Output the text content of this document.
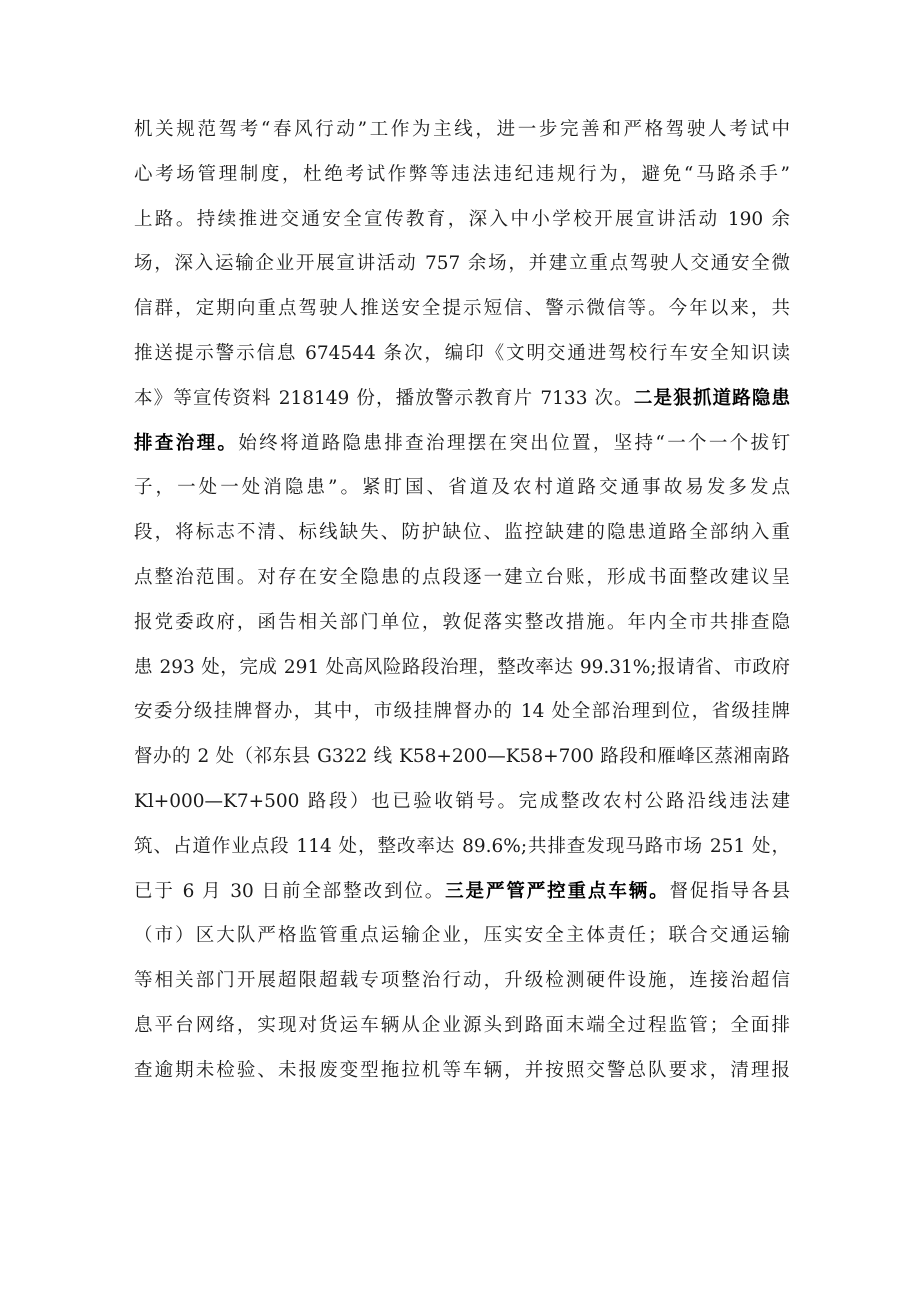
机关规范驾考“春风行动”工作为主线，进一步完善和严格驾驶人考试中
心考场管理制度，杜绝考试作弊等违法违纪违规行为，避免“马路杀手”
上路。持续推进交通安全宣传教育，深入中小学校开展宣讲活动 190 余
场，深入运输企业开展宣讲活动 757 余场，并建立重点驾驶人交通安全微
信群，定期向重点驾驶人推送安全提示短信、警示微信等。今年以来，共
推送提示警示信息 674544 条次，编印《文明交通进驾校行车安全知识读
本》等宣传资料 218149 份，播放警示教育片 7133 次。二是狠抓道路隐患
排查治理。始终将道路隐患排查治理摆在突出位置，坚持“一个一个拔钉
子，一处一处消隐患”。紧盯国、省道及农村道路交通事故易发多发点
段，将标志不清、标线缺失、防护缺位、监控缺建的隐患道路全部纳入重
点整治范围。对存在安全隐患的点段逐一建立台账，形成书面整改建议呈
报党委政府，函告相关部门单位，敦促落实整改措施。年内全市共排查隐
患 293 处，完成 291 处高风险路段治理，整改率达 99.31%;报请省、市政府
安委分级挂牌督办，其中，市级挂牌督办的 14 处全部治理到位，省级挂牌
督办的 2 处（祁东县 G322 线 K58+200—K58+700 路段和雁峰区蒸湘南路
Kl+000—K7+500 路段）也已验收销号。完成整改农村公路沿线违法建
筑、占道作业点段 114 处，整改率达 89.6%;共排查发现马路市场 251 处，
已于 6 月 30 日前全部整改到位。三是严管严控重点车辆。督促指导各县
（市）区大队严格监管重点运输企业，压实安全主体责任；联合交通运输
等相关部门开展超限超载专项整治行动，升级检测硬件设施，连接治超信
息平台网络，实现对货运车辆从企业源头到路面末端全过程监管；全面排
查逾期未检验、未报废变型拖拉机等车辆，并按照交警总队要求，清理报
